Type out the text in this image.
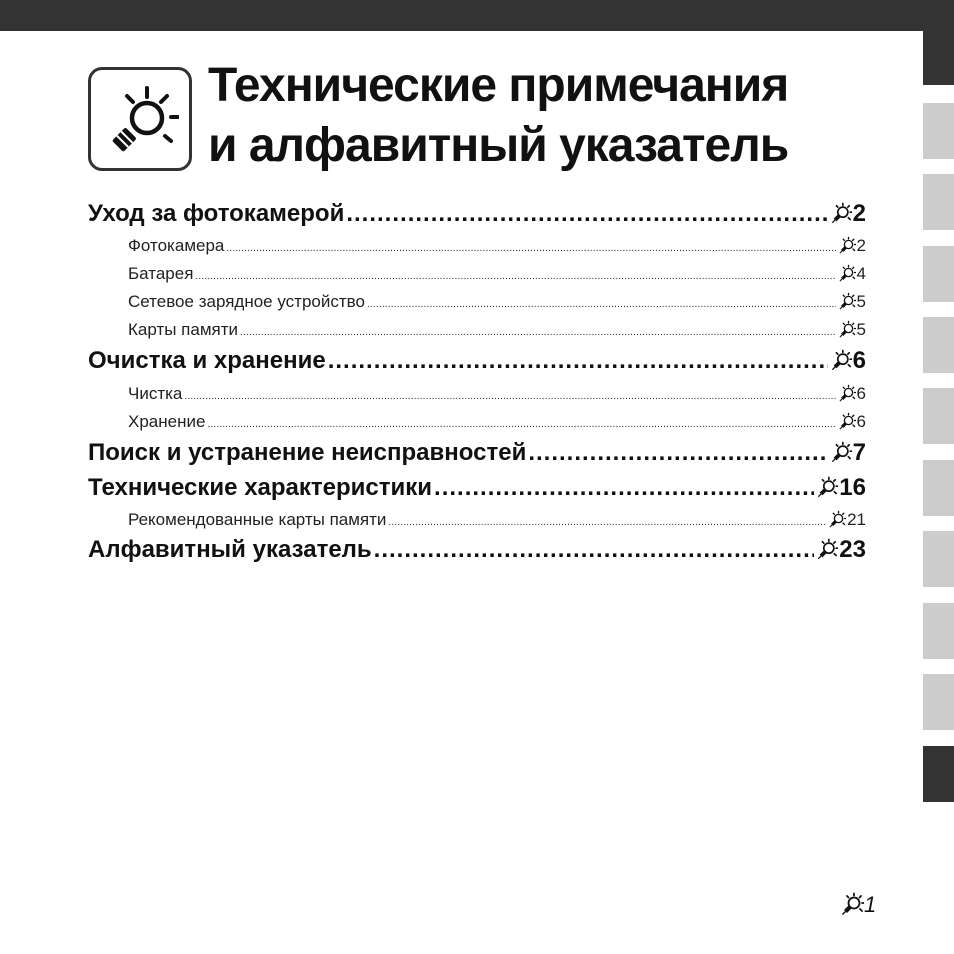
Технические примечания
и алфавитный указатель
Уход за фотокамерой .....	2
Фотокамера .....	2
Батарея .....	4
Сетевое зарядное устройство .....	5
Карты памяти .....	5
Очистка и хранение .....	6
Чистка .....	6
Хранение .....	6
Поиск и устранение неисправностей .....	7
Технические характеристики .....	16
Рекомендованные карты памяти .....	21
Алфавитный указатель .....	23
1
